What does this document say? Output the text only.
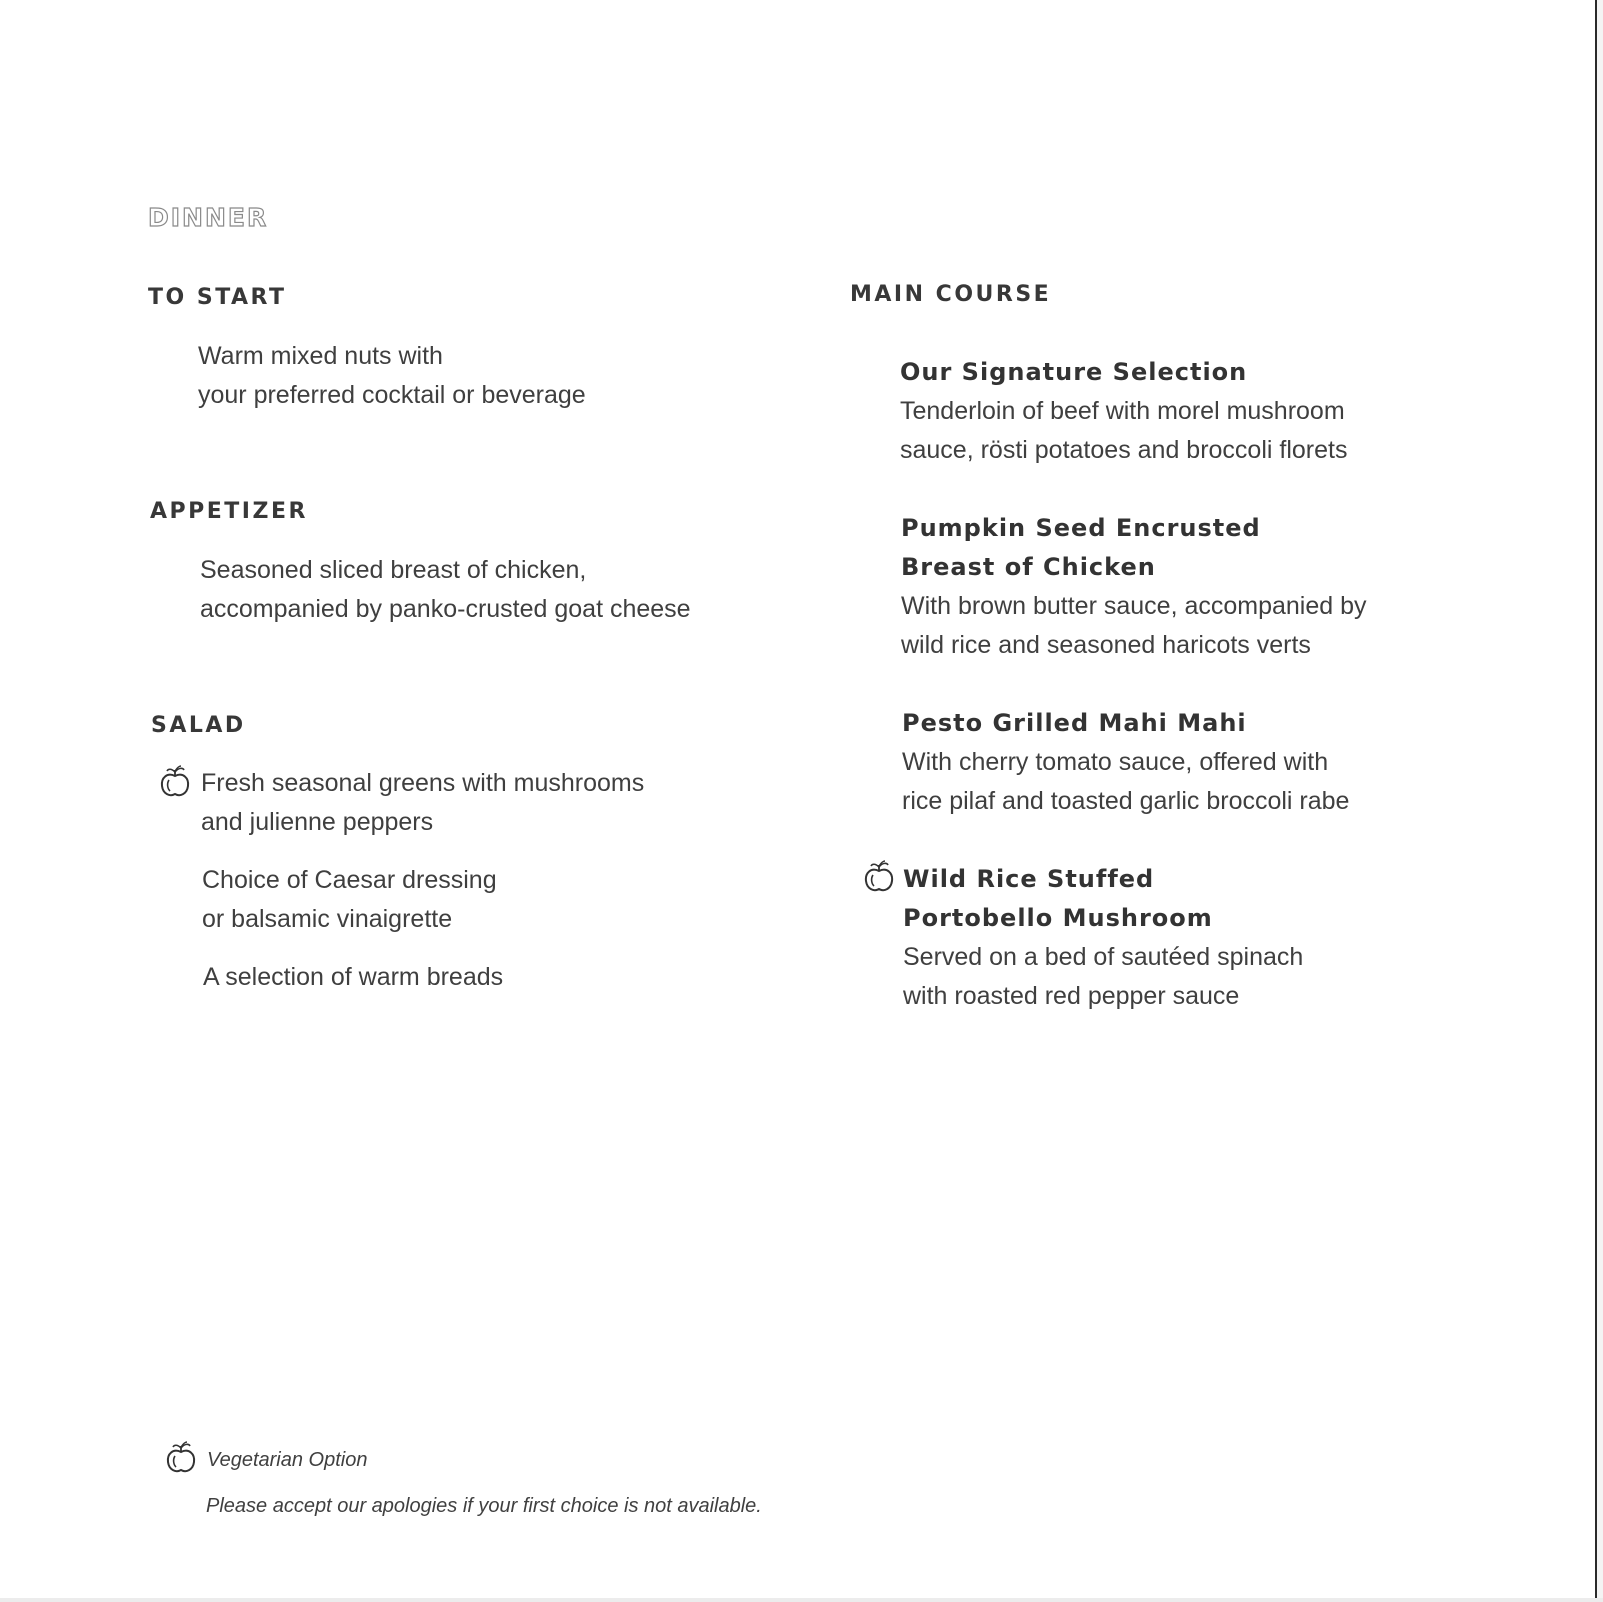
DINNER
TO START

Warm mixed nuts with
your preferred cocktail or beverage

APPETIZER

Seasoned sliced breast of chicken,
accompanied by panko-crusted goat cheese

SALAD

Fresh seasonal greens with mushrooms
and julienne peppers

Choice of Caesar dressing
or balsamic vinaigrette

A selection of warm breads

MAIN COURSE

Our Signature Selection

Tenderloin of beef with morel mushroom
sauce, rösti potatoes and broccoli florets

Pumpkin Seed Encrusted
Breast of Chicken

With brown butter sauce, accompanied by
wild rice and seasoned haricots verts

Pesto Grilled Mahi Mahi

With cherry tomato sauce, offered with
rice pilaf and toasted garlic broccoli rabe

Wild Rice Stuffed
Portobello Mushroom

Served on a bed of sautéed spinach
with roasted red pepper sauce

Vegetarian Option

Please accept our apologies if your first choice is not available.
